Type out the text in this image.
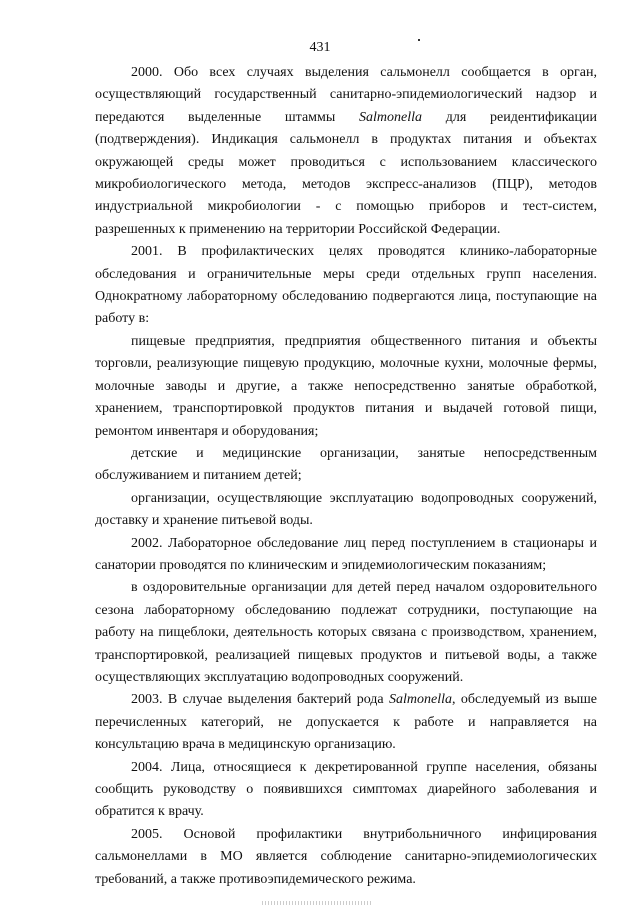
431

2000. Обо всех случаях выделения сальмонелл сообщается в орган, осуществляющий государственный санитарно-эпидемиологический надзор и передаются выделенные штаммы Salmonella для реидентификации (подтверждения). Индикация сальмонелл в продуктах питания и объектах окружающей среды может проводиться с использованием классического микробиологического метода, методов экспресс-анализов (ПЦР), методов индустриальной микробиологии - с помощью приборов и тест-систем, разрешенных к применению на территории Российской Федерации.

2001. В профилактических целях проводятся клинико-лабораторные обследования и ограничительные меры среди отдельных групп населения. Однократному лабораторному обследованию подвергаются лица, поступающие на работу в:

пищевые предприятия, предприятия общественного питания и объекты торговли, реализующие пищевую продукцию, молочные кухни, молочные фермы, молочные заводы и другие, а также непосредственно занятые обработкой, хранением, транспортировкой продуктов питания и выдачей готовой пищи, ремонтом инвентаря и оборудования;

детские и медицинские организации, занятые непосредственным обслуживанием и питанием детей;

организации, осуществляющие эксплуатацию водопроводных сооружений, доставку и хранение питьевой воды.

2002. Лабораторное обследование лиц перед поступлением в стационары и санатории проводятся по клиническим и эпидемиологическим показаниям;

в оздоровительные организации для детей перед началом оздоровительного сезона лабораторному обследованию подлежат сотрудники, поступающие на работу на пищеблоки, деятельность которых связана с производством, хранением, транспортировкой, реализацией пищевых продуктов и питьевой воды, а также осуществляющих эксплуатацию водопроводных сооружений.

2003. В случае выделения бактерий рода Salmonella, обследуемый из выше перечисленных категорий, не допускается к работе и направляется на консультацию врача в медицинскую организацию.

2004. Лица, относящиеся к декретированной группе населения, обязаны сообщить руководству о появившихся симптомах диарейного заболевания и обратится к врачу.

2005. Основой профилактики внутрибольничного инфицирования сальмонеллами в МО является соблюдение санитарно-эпидемиологических требований, а также противоэпидемического режима.
